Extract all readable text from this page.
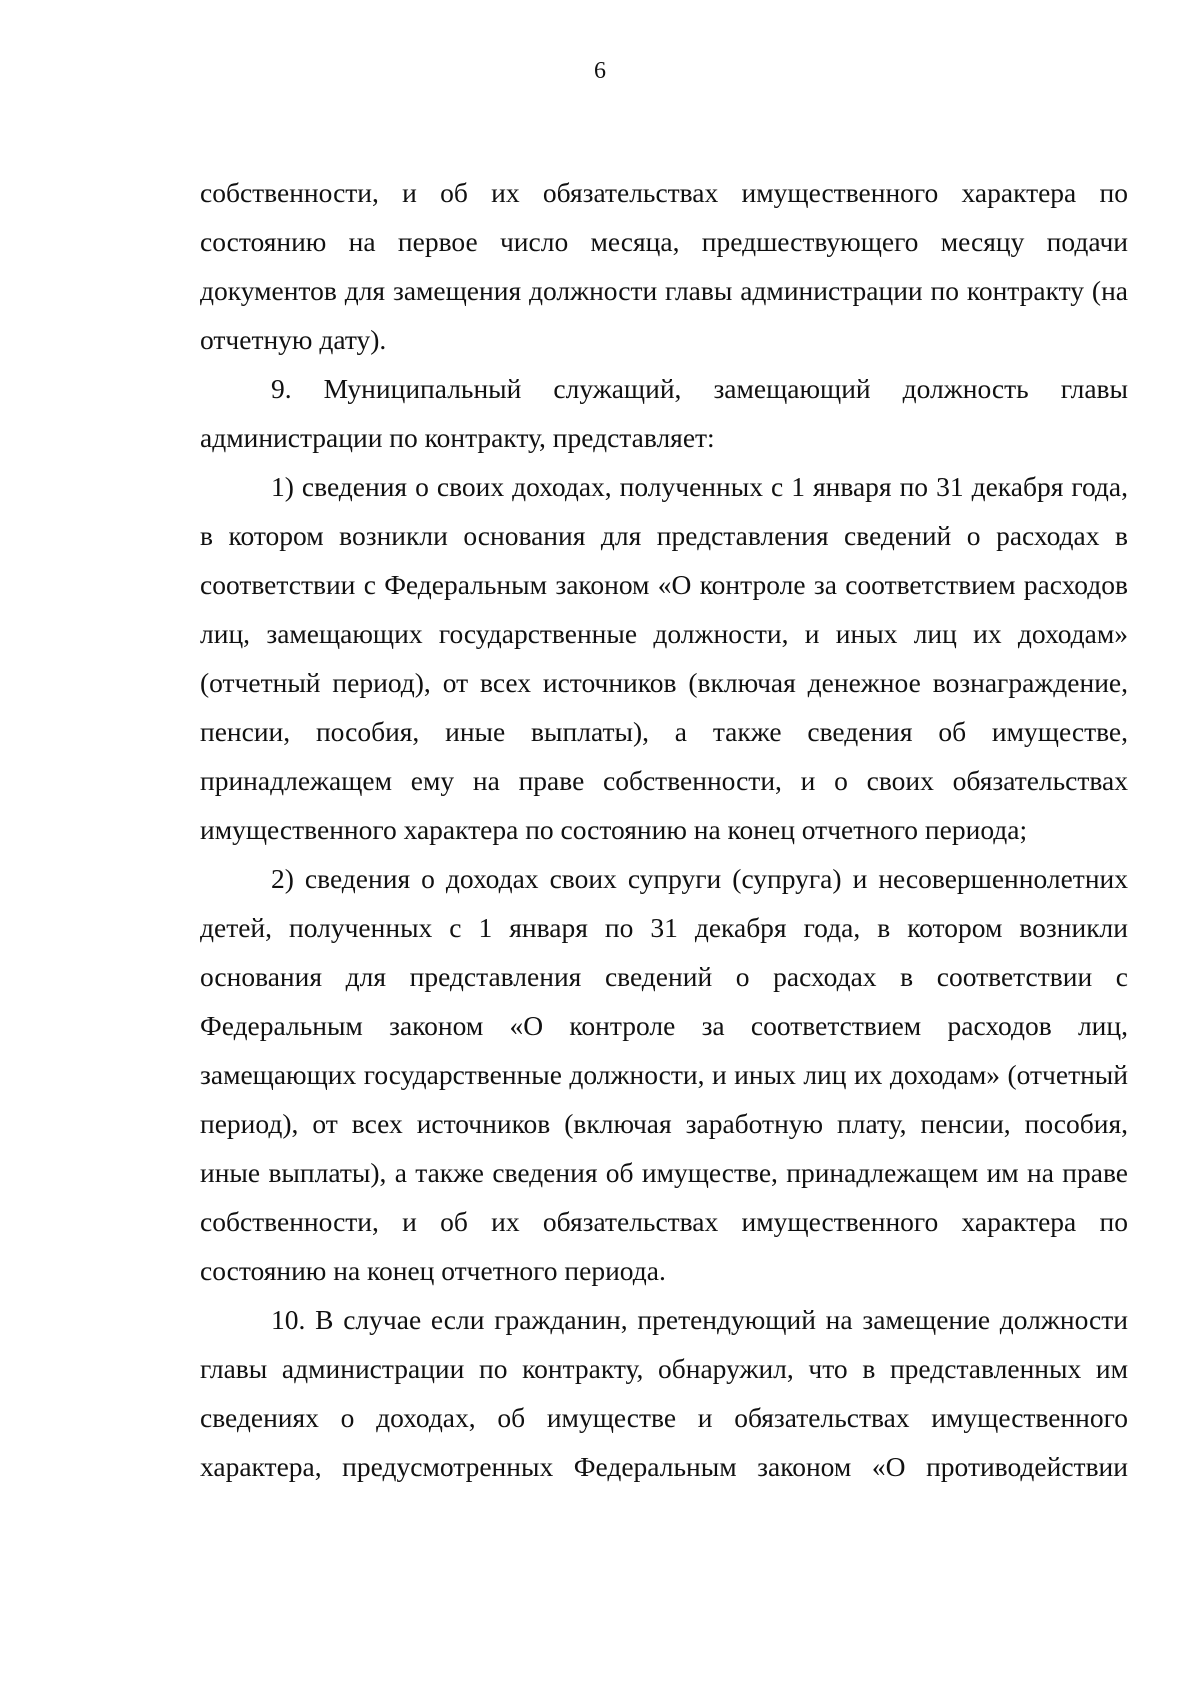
6

собственности, и об их обязательствах имущественного характера по состоянию на первое число месяца, предшествующего месяцу подачи документов для замещения должности главы администрации по контракту (на отчетную дату).

9. Муниципальный служащий, замещающий должность главы администрации по контракту, представляет:

1) сведения о своих доходах, полученных с 1 января по 31 декабря года, в котором возникли основания для представления сведений о расходах в соответствии с Федеральным законом «О контроле за соответствием расходов лиц, замещающих государственные должности, и иных лиц их доходам» (отчетный период), от всех источников (включая денежное вознаграждение, пенсии, пособия, иные выплаты), а также сведения об имуществе, принадлежащем ему на праве собственности, и о своих обязательствах имущественного характера по состоянию на конец отчетного периода;

2) сведения о доходах своих супруги (супруга) и несовершеннолетних детей, полученных с 1 января по 31 декабря года, в котором возникли основания для представления сведений о расходах в соответствии с Федеральным законом «О контроле за соответствием расходов лиц, замещающих государственные должности, и иных лиц их доходам» (отчетный период), от всех источников (включая заработную плату, пенсии, пособия, иные выплаты), а также сведения об имуществе, принадлежащем им на праве собственности, и об их обязательствах имущественного характера по состоянию на конец отчетного периода.

10. В случае если гражданин, претендующий на замещение должности главы администрации по контракту, обнаружил, что в представленных им сведениях о доходах, об имуществе и обязательствах имущественного характера, предусмотренных Федеральным законом «О противодействии
